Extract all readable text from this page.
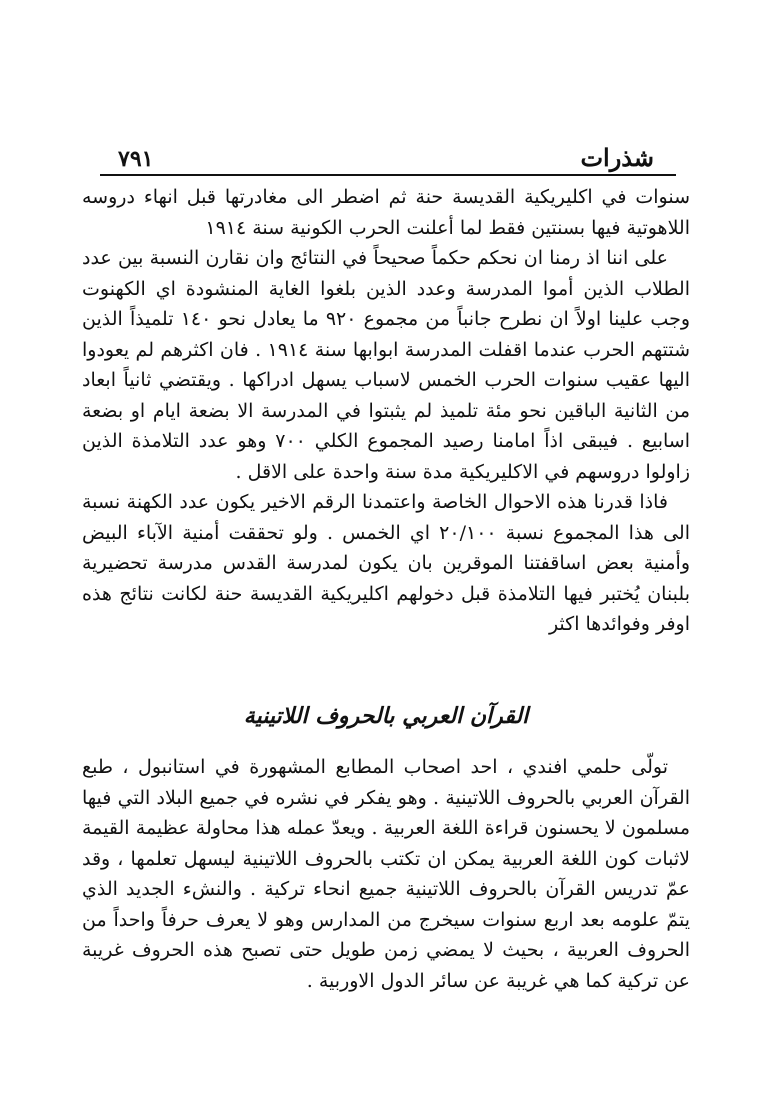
شذرات
٧٩١

سنوات في اكليريكية القديسة حنة ثم اضطر الى مغادرتها قبل انهاء دروسه اللاهوتية فيها بسنتين فقط لما أعلنت الحرب الكونية سنة ١٩١٤

على اننا اذ رمنا ان نحكم حكماً صحيحاً في النتائج وان نقارن النسبة بين عدد الطلاب الذين أموا المدرسة وعدد الذين بلغوا الغاية المنشودة اي الكهنوت وجب علينا اولاً ان نطرح جانباً من مجموع ٩٢٠ ما يعادل نحو ١٤٠ تلميذاً الذين شتتهم الحرب عندما اقفلت المدرسة ابوابها سنة ١٩١٤ . فان اكثرهم لم يعودوا اليها عقيب سنوات الحرب الخمس لاسباب يسهل ادراكها . ويقتضي ثانياً ابعاد من الثانية الباقين نحو مئة تلميذ لم يثبتوا في المدرسة الا بضعة ايام او بضعة اسابيع . فيبقى اذاً امامنا رصيد المجموع الكلي ٧٠٠ وهو عدد التلامذة الذين زاولوا دروسهم في الاكليريكية مدة سنة واحدة على الاقل .

فاذا قدرنا هذه الاحوال الخاصة واعتمدنا الرقم الاخير يكون عدد الكهنة نسبة الى هذا المجموع نسبة ٢٠/١٠٠ اي الخمس . ولو تحققت أمنية الآباء البيض وأمنية بعض اساقفتنا الموقرين بان يكون لمدرسة القدس مدرسة تحضيرية بلبنان يُختبر فيها التلامذة قبل دخولهم اكليريكية القديسة حنة لكانت نتائج هذه اوفر وفوائدها اكثر

القرآن العربي بالحروف اللاتينية

تولّى حلمي افندي ، احد اصحاب المطابع المشهورة في استانبول ، طبع القرآن العربي بالحروف اللاتينية . وهو يفكر في نشره في جميع البلاد التي فيها مسلمون لا يحسنون قراءة اللغة العربية . ويعدّ عمله هذا محاولة عظيمة القيمة لاثبات كون اللغة العربية يمكن ان تكتب بالحروف اللاتينية ليسهل تعلمها ، وقد عمّ تدريس القرآن بالحروف اللاتينية جميع انحاء تركية . والنشء الجديد الذي يتمّ علومه بعد اربع سنوات سيخرج من المدارس وهو لا يعرف حرفاً واحداً من الحروف العربية ، بحيث لا يمضي زمن طويل حتى تصبح هذه الحروف غريبة عن تركية كما هي غريبة عن سائر الدول الاوربية .
